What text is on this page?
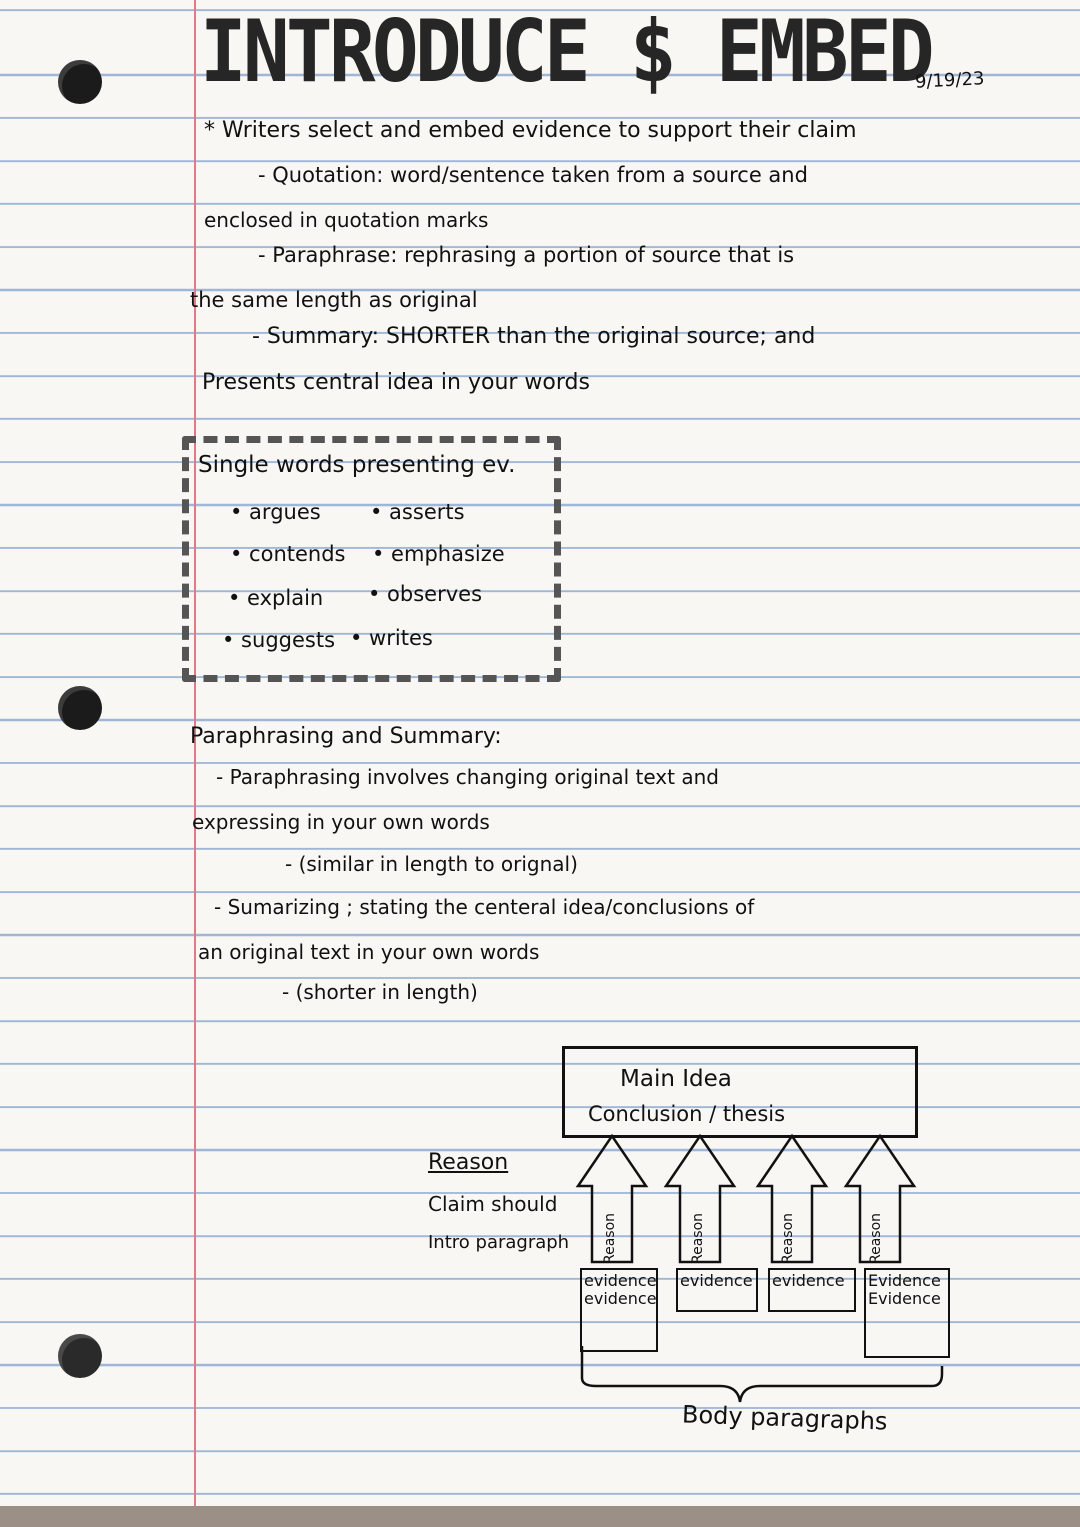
INTRODUCE $ EMBED
9/19/23
* Writers select and embed evidence to support their claim
- Quotation: word/sentence taken from a source and
enclosed in quotation marks
- Paraphrase: rephrasing a portion of source that is
the same length as original
- Summary: SHORTER than the original source; and
Presents central idea in your words
Single words presenting ev.
• argues • asserts
• contends • emphasize
• explain • observes
• suggests • writes
Paraphrasing and Summary:
- Paraphrasing involves changing original text and
expressing in your own words
- (similar in length to orignal)
- Sumarizing ; stating the centeral idea/conclusions of
an original text in your own words
- (shorter in length)
Main Idea
Conclusion / thesis
Reason
Claim should
Intro paragraph Reason	Reason	Reason	Reason
evidence
evidence
evidence evidence	Evidence
Evidence
Body paragraphs
